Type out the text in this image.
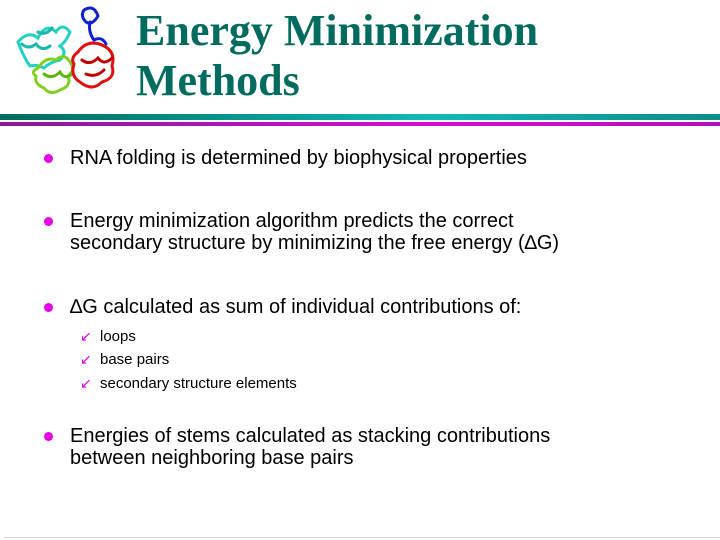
Energy Minimization
Methods
RNA folding is determined by biophysical properties
Energy minimization algorithm predicts the correct
secondary structure by minimizing the free energy (∆G)
∆G calculated as sum of individual contributions of:
↙ loops
↙ base pairs
↙ secondary structure elements
Energies of stems calculated as stacking contributions
between neighboring base pairs
